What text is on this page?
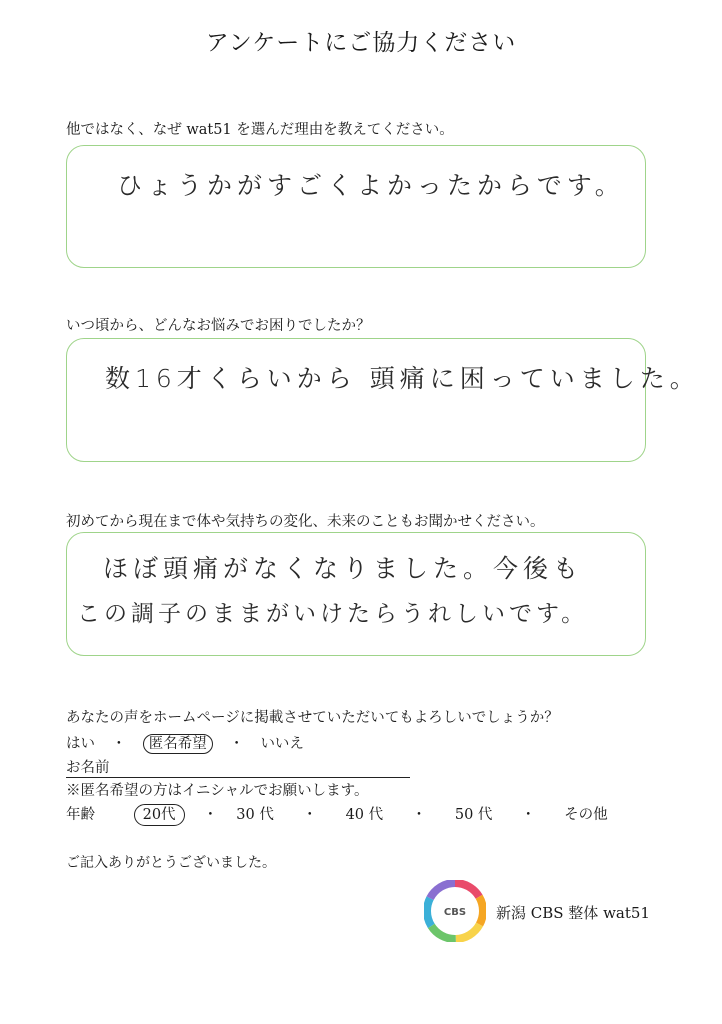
アンケートにご協力ください
他ではなく、なぜ wat51 を選んだ理由を教えてください。
ひょうかがすごくよかったからです。
いつ頃から、どんなお悩みでお困りでしたか？
数16才くらいから 頭痛に困っていました。
初めてから現在まで体や気持ちの変化、未来のこともお聞かせください。
ほぼ頭痛がなくなりました。今後も
この調子のままがいけたらうれしいです。
あなたの声をホームページに掲載させていただいてもよろしいでしょうか？
はい ・ 匿名希望 ・ いいえ
お名前
※匿名希望の方はイニシャルでお願いします。
年齢	20代 ・ 30 代 ・ 40 代 ・ 50 代 ・ その他
ご記入ありがとうございました。
CBS 新潟 CBS 整体 wat51
